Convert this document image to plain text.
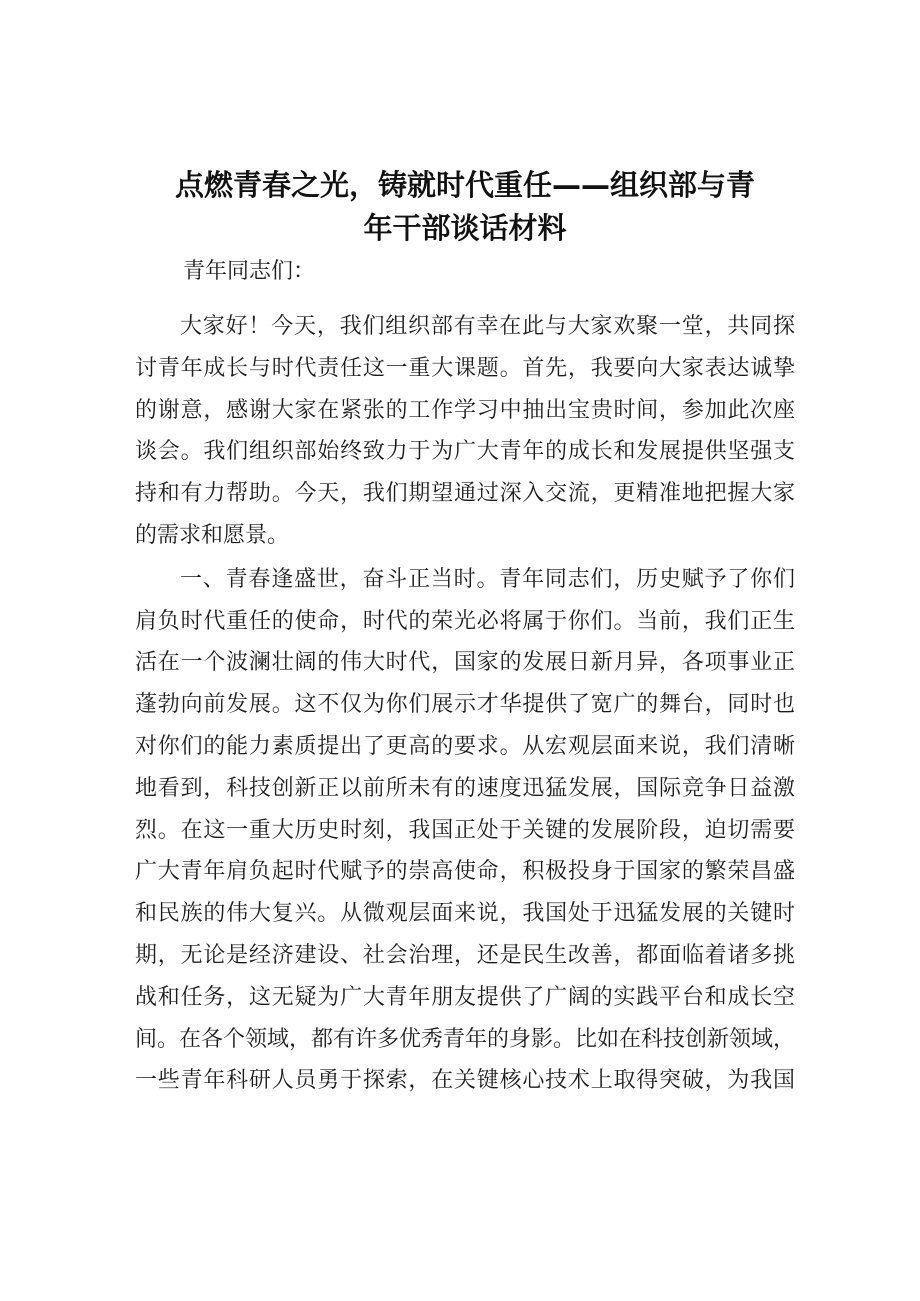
点燃青春之光，铸就时代重任——组织部与青
年干部谈话材料
青年同志们：
大家好！今天，我们组织部有幸在此与大家欢聚一堂，共同探
讨青年成长与时代责任这一重大课题。首先，我要向大家表达诚挚
的谢意，感谢大家在紧张的工作学习中抽出宝贵时间，参加此次座
谈会。我们组织部始终致力于为广大青年的成长和发展提供坚强支
持和有力帮助。今天，我们期望通过深入交流，更精准地把握大家
的需求和愿景。
一、青春逢盛世，奋斗正当时。青年同志们，历史赋予了你们
肩负时代重任的使命，时代的荣光必将属于你们。当前，我们正生
活在一个波澜壮阔的伟大时代，国家的发展日新月异，各项事业正
蓬勃向前发展。这不仅为你们展示才华提供了宽广的舞台，同时也
对你们的能力素质提出了更高的要求。从宏观层面来说，我们清晰
地看到，科技创新正以前所未有的速度迅猛发展，国际竞争日益激
烈。在这一重大历史时刻，我国正处于关键的发展阶段，迫切需要
广大青年肩负起时代赋予的崇高使命，积极投身于国家的繁荣昌盛
和民族的伟大复兴。从微观层面来说，我国处于迅猛发展的关键时
期，无论是经济建设、社会治理，还是民生改善，都面临着诸多挑
战和任务，这无疑为广大青年朋友提供了广阔的实践平台和成长空
间。在各个领域，都有许多优秀青年的身影。比如在科技创新领域，
一些青年科研人员勇于探索，在关键核心技术上取得突破，为我国
